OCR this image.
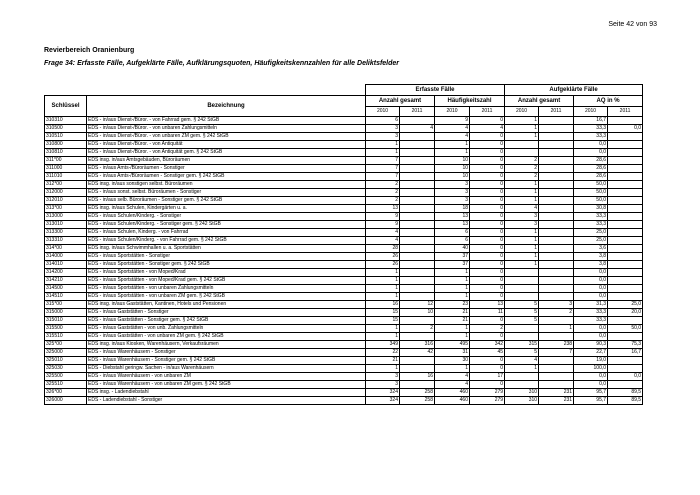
Seite 42 von 93
Revierbereich Oranienburg
Frage 34: Erfasste Fälle, Aufgeklärte Fälle, Aufklärungsquoten, Häufigkeitskennzahlen für alle Deliktsfelder
		Erfasste Fälle				Aufgeklärte Fälle			
Schlüssel	Bezeichnung	Anzahl gesamt		Häufigkeitszahl		Anzahl gesamt		AQ in %	
		2010	2011	2010	2011	2010	2011	2010	2011
310310	EDS - in/aus Dienst-/Büror. - von Fahrrad gem. § 242 StGB	6		9	0	1		16,7	
310500	EDS - in/aus Dienst-/Büror. - von unbaren Zahlungsmitteln	3	4	4	4	1		33,3	0,0
310510	EDS - in/aus Dienst-/Büror. - von unbaren ZM gem. § 242 StGB	3		4	0	1		33,3	
310800	EDS - in/aus Dienst-/Büror. - von Antiquität	1		1	0			0,0	
310810	EDS - in/aus Dienst-/Büror. - von Antiquität gem. § 242 StGB	1		1	0			0,0	
311*00	EDS insg. in/aus Amtsgebäuden, Büroräumen	7		10	0	2		28,6	
311000	EDS - in/aus Amts-/Büroräumen - Sonstiger	7		10	0	2		28,6	
311010	EDS - in/aus Amts-/Büroräumen - Sonstiger gem. § 242 StGB	7		10	0	2		28,6	
312*00	EDS insg. in/aus sonstigen selbst. Büroräumen	2		3	0	1		50,0	
312000	EDS - in/aus sonst. selbst. Büroräumen - Sonstiger	2		3	0	1		50,0	
312010	EDS - in/aus selb. Büroräumen - Sonstiger gem. § 242 StGB	2		3	0	1		50,0	
313*00	EDS insg. in/aus Schulen, Kindergärten u. a.	13		18	0	4		30,8	
313000	EDS - in/aus Schulen/Kinderg. - Sonstiger	9		13	0	3		33,3	
313010	EDS - in/aus Schulen/Kinderg. - Sonstiger gem. § 242 StGB	9		13	0	3		33,3	
313300	EDS - in/aus Schulen, Kinderg. - von Fahrrad	4		6	0	1		25,0	
313310	EDS - in/aus Schulen/Kinderg. - von Fahrrad gem. § 242 StGB	4		6	0	1		25,0	
314*00	EDS insg. in/aus Schwimmhallen u. a. Sportstätten	28		40	0	1		3,6	
314000	EDS - in/aus Sportstätten - Sonstiger	26		37	0	1		3,8	
314010	EDS - in/aus Sportstätten - Sonstiger gem. § 242 StGB	26		37	0	1		3,8	
314200	EDS - in/aus Sportstätten - von Moped/Krad	1		1	0			0,0	
314210	EDS - in/aus Sportstätten - von Moped/Krad gem. § 242 StGB	1		1	0			0,0	
314500	EDS - in/aus Sportstätten - von unbaren Zahlungsmitteln	1		1	0			0,0	
314510	EDS - in/aus Sportstätten - von unbaren ZM gem. § 242 StGB	1		1	0			0,0	
315*00	EDS insg. in/aus Gaststätten, Kantinen, Hotels und Pensionen	16	12	23	13	5	3	31,3	25,0
315000	EDS - in/aus Gaststätten - Sonstiger	15	10	21	11	5	2	33,3	20,0
315010	EDS - in/aus Gaststätten - Sonstiger gem. § 242 StGB	15		21	0	5		33,3	
315500	EDS - in/aus Gaststätten - von unb. Zahlungsmitteln	1	2	1	2		1	0,0	50,0
315510	EDS - in/aus Gaststätten - von unbaren ZM gem. § 242 StGB	1		1	0			0,0	
325*00	EDS insg. in/aus Kiosken, Warenhäusern, Verkaufsräumen	349	316	495	342	315	238	90,3	75,3
325000	EDS - in/aus Warenhäusern - Sonstiger	22	42	31	45	5	7	22,7	16,7
325010	EDS - in/aus Warenhäusern - Sonstiger gem. § 242 StGB	21		30	0	4		19,0	
325030	EDS - Diebstahl geringw. Sachen - in/aus Warenhäusern	1		1	0	1		100,0	
325500	EDS - in/aus Warenhäusern - von unbaren ZM	3	16	4	17			0,0	0,0
325510	EDS - in/aus Warenhäusern - von unbaren ZM gem. § 242 StGB	3		4	0			0,0	
326*00	EDS insg. - Ladendiebstahl	324	258	460	279	310	231	95,7	89,5
326000	EDS - Ladendiebstahl - Sonstiger	324	258	460	279	310	231	95,7	89,5
